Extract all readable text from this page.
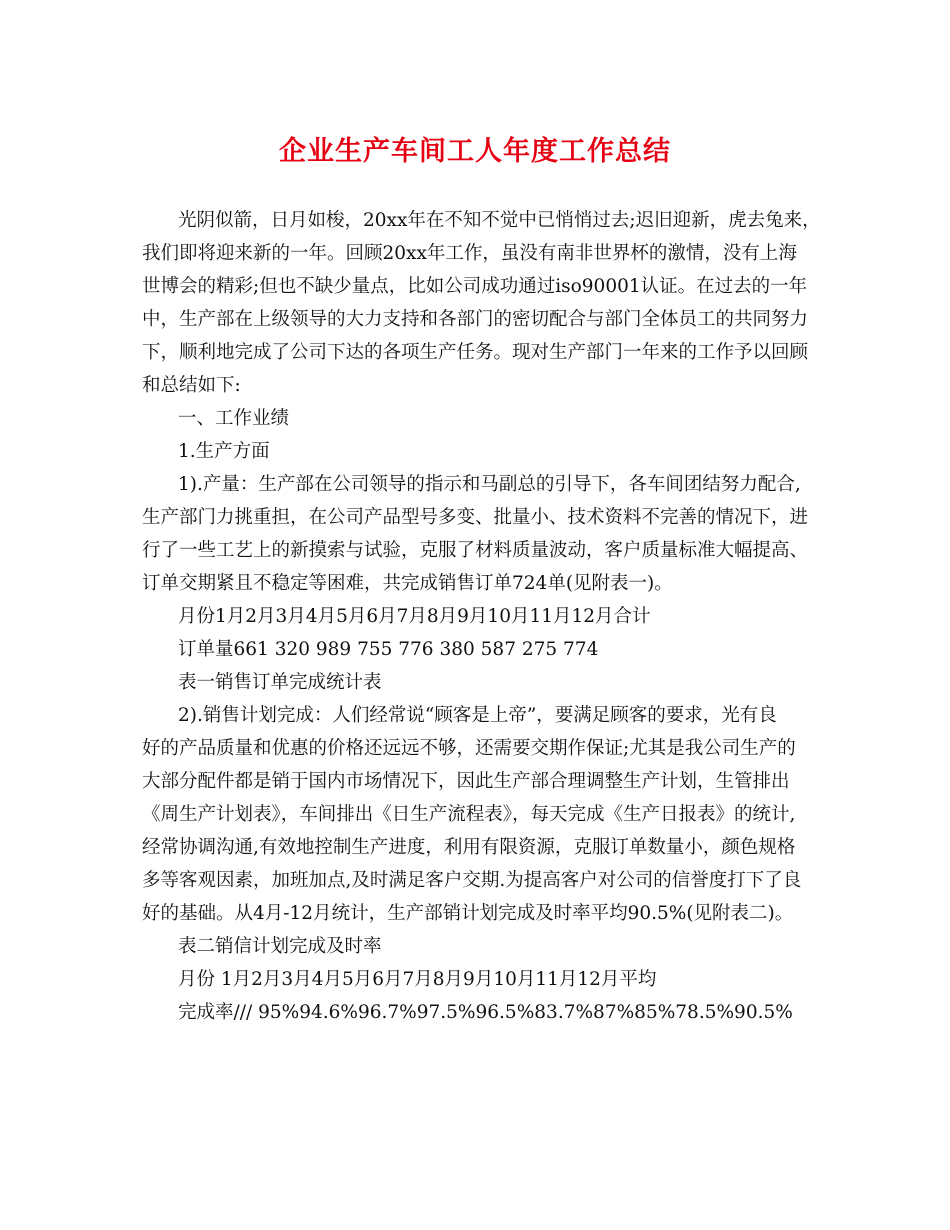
企业生产车间工人年度工作总结
光阴似箭，日月如梭，20xx年在不知不觉中已悄悄过去;迟旧迎新，虎去兔来，
我们即将迎来新的一年。回顾20xx年工作，虽没有南非世界杯的激情，没有上海
世博会的精彩;但也不缺少量点，比如公司成功通过iso90001认证。在过去的一年
中，生产部在上级领导的大力支持和各部门的密切配合与部门全体员工的共同努力
下，顺利地完成了公司下达的各项生产任务。现对生产部门一年来的工作予以回顾
和总结如下:
一、工作业绩
1.生产方面
1).产量：生产部在公司领导的指示和马副总的引导下，各车间团结努力配合,
生产部门力挑重担，在公司产品型号多变、批量小、技术资料不完善的情况下，进
行了一些工艺上的新摸索与试验，克服了材料质量波动，客户质量标准大幅提高、
订单交期紧且不稳定等困难，共完成销售订单724单(见附表一)。
月份1月2月3月4月5月6月7月8月9月10月11月12月合计
订单量661 320 989 755 776 380 587 275 774
表一销售订单完成统计表
2).销售计划完成：人们经常说“顾客是上帝”，要满足顾客的要求，光有良
好的产品质量和优惠的价格还远远不够，还需要交期作保证;尤其是我公司生产的
大部分配件都是销于国内市场情况下，因此生产部合理调整生产计划，生管排出
《周生产计划表》，车间排出《日生产流程表》，每天完成《生产日报表》的统计,
经常协调沟通,有效地控制生产进度，利用有限资源，克服订单数量小，颜色规格
多等客观因素，加班加点,及时满足客户交期.为提高客户对公司的信誉度打下了良
好的基础。从4月-12月统计，生产部销计划完成及时率平均90.5%(见附表二)。
表二销信计划完成及时率
月份 1月2月3月4月5月6月7月8月9月10月11月12月平均
完成率/// 95%94.6%96.7%97.5%96.5%83.7%87%85%78.5%90.5%
